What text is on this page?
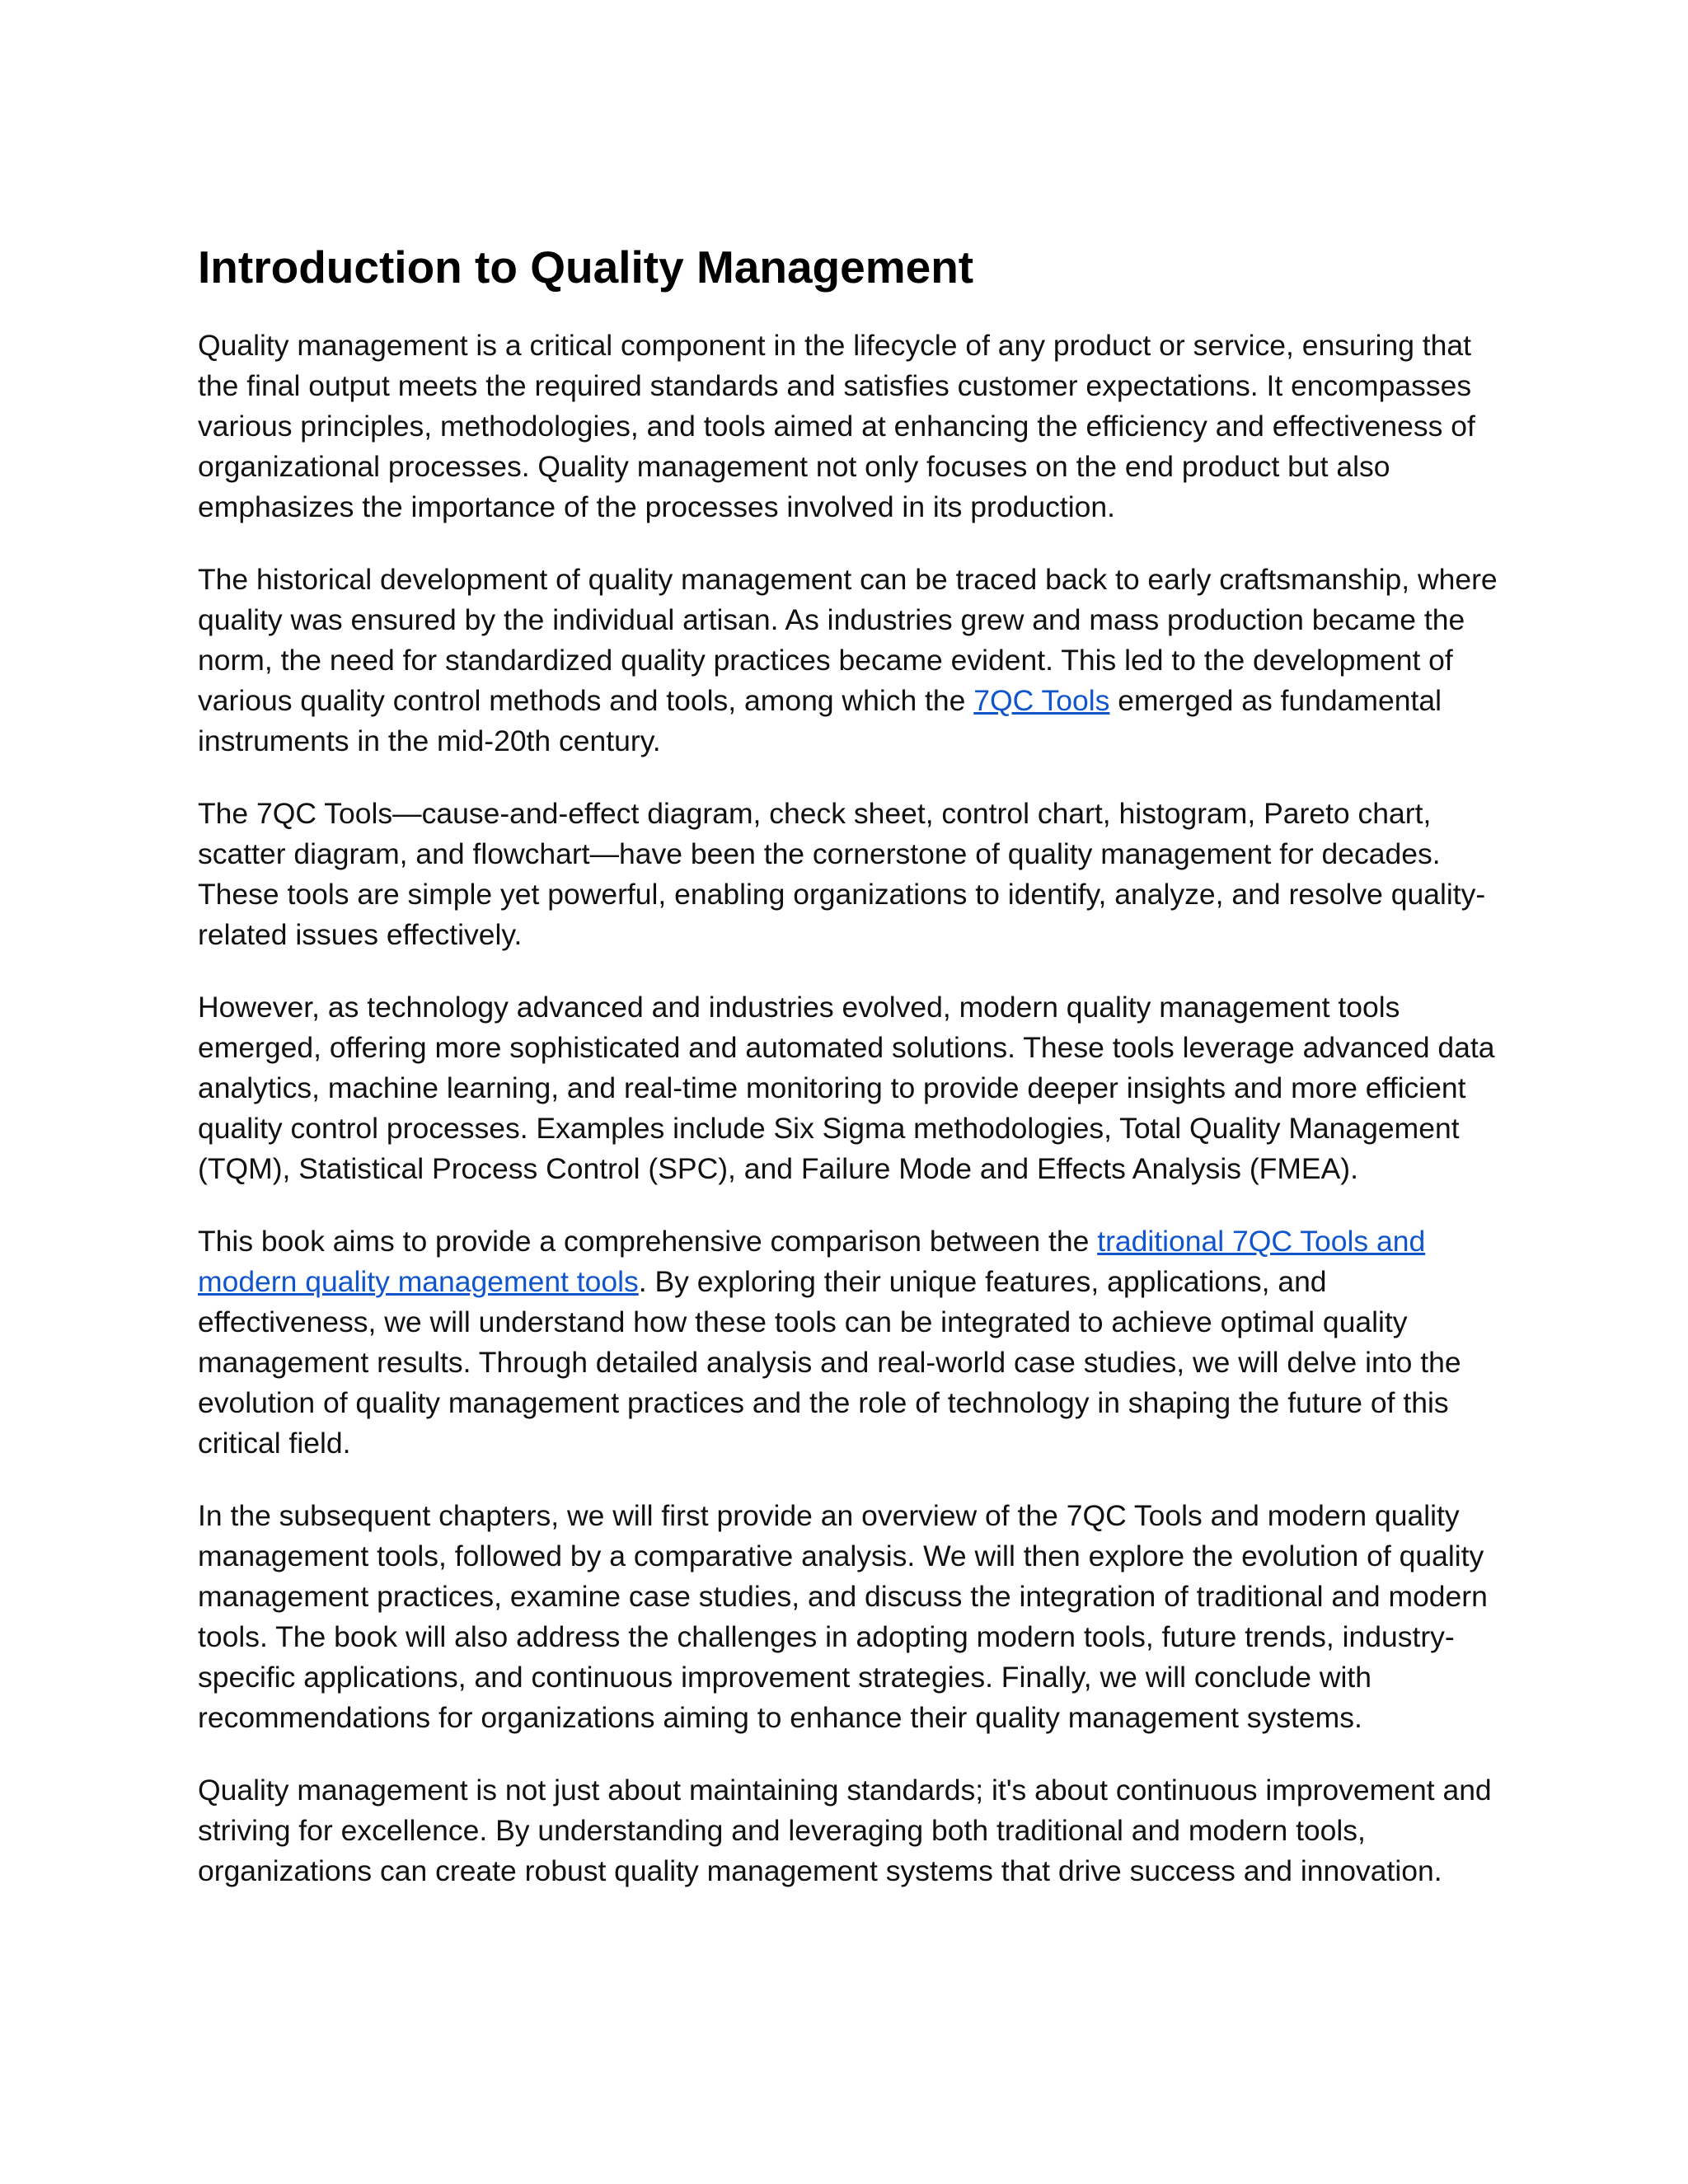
Introduction to Quality Management

Quality management is a critical component in the lifecycle of any product or service, ensuring that the final output meets the required standards and satisfies customer expectations. It encompasses various principles, methodologies, and tools aimed at enhancing the efficiency and effectiveness of organizational processes. Quality management not only focuses on the end product but also emphasizes the importance of the processes involved in its production.

The historical development of quality management can be traced back to early craftsmanship, where quality was ensured by the individual artisan. As industries grew and mass production became the norm, the need for standardized quality practices became evident. This led to the development of various quality control methods and tools, among which the 7QC Tools emerged as fundamental instruments in the mid-20th century.

The 7QC Tools—cause-and-effect diagram, check sheet, control chart, histogram, Pareto chart, scatter diagram, and flowchart—have been the cornerstone of quality management for decades. These tools are simple yet powerful, enabling organizations to identify, analyze, and resolve quality-related issues effectively.

However, as technology advanced and industries evolved, modern quality management tools emerged, offering more sophisticated and automated solutions. These tools leverage advanced data analytics, machine learning, and real-time monitoring to provide deeper insights and more efficient quality control processes. Examples include Six Sigma methodologies, Total Quality Management (TQM), Statistical Process Control (SPC), and Failure Mode and Effects Analysis (FMEA).

This book aims to provide a comprehensive comparison between the traditional 7QC Tools and modern quality management tools. By exploring their unique features, applications, and effectiveness, we will understand how these tools can be integrated to achieve optimal quality management results. Through detailed analysis and real-world case studies, we will delve into the evolution of quality management practices and the role of technology in shaping the future of this critical field.

In the subsequent chapters, we will first provide an overview of the 7QC Tools and modern quality management tools, followed by a comparative analysis. We will then explore the evolution of quality management practices, examine case studies, and discuss the integration of traditional and modern tools. The book will also address the challenges in adopting modern tools, future trends, industry-specific applications, and continuous improvement strategies. Finally, we will conclude with recommendations for organizations aiming to enhance their quality management systems.

Quality management is not just about maintaining standards; it's about continuous improvement and striving for excellence. By understanding and leveraging both traditional and modern tools, organizations can create robust quality management systems that drive success and innovation.
